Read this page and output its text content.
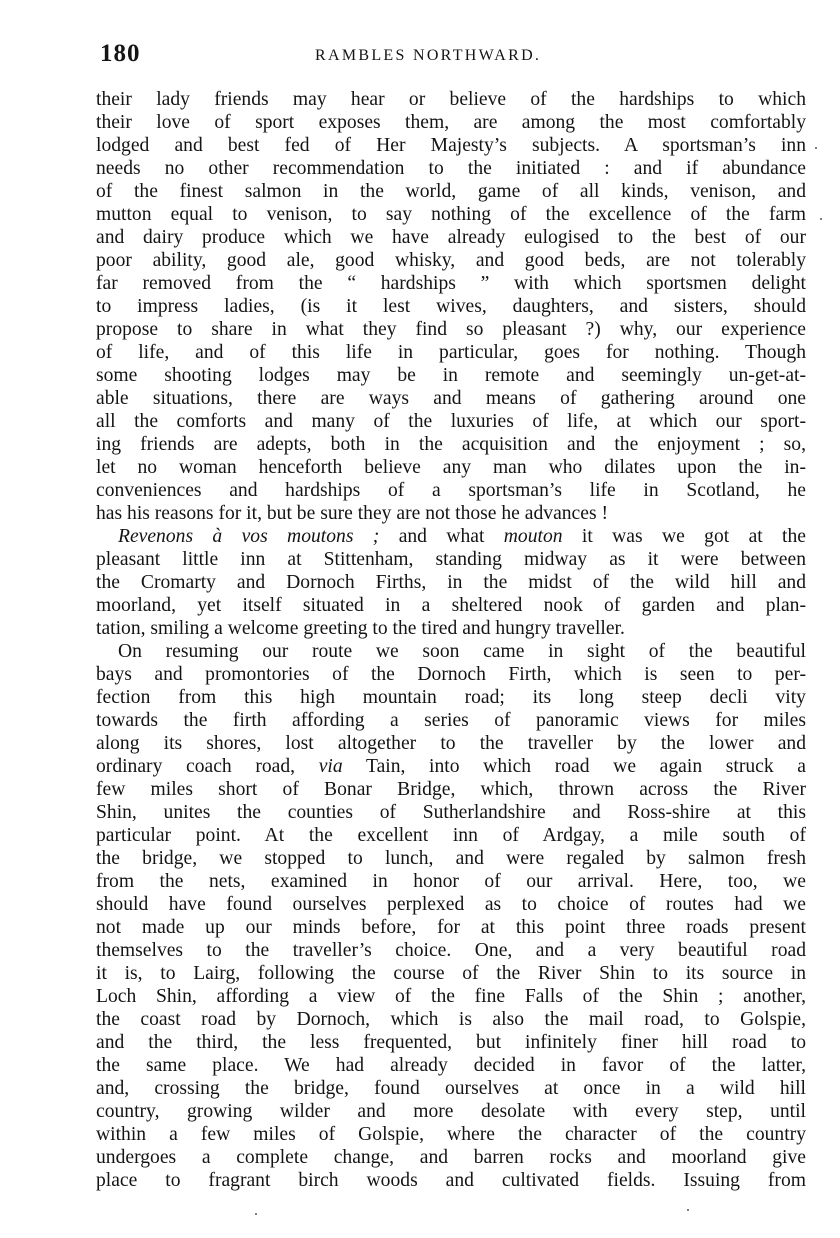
180	RAMBLES NORTHWARD.
their lady friends may hear or believe of the hardships to which
their love of sport exposes them, are among the most comfortably
lodged and best fed of Her Majesty’s subjects. A sportsman’s inn
needs no other recommendation to the initiated : and if abundance
of the finest salmon in the world, game of all kinds, venison, and
mutton equal to venison, to say nothing of the excellence of the farm
and dairy produce which we have already eulogised to the best of our
poor ability, good ale, good whisky, and good beds, are not tolerably
far removed from the “ hardships ” with which sportsmen delight
to impress ladies, (is it lest wives, daughters, and sisters, should
propose to share in what they find so pleasant ?) why, our experience
of life, and of this life in particular, goes for nothing. Though
some shooting lodges may be in remote and seemingly un-get-at-
able situations, there are ways and means of gathering around one
all the comforts and many of the luxuries of life, at which our sport-
ing friends are adepts, both in the acquisition and the enjoyment ; so,
let no woman henceforth believe any man who dilates upon the in-
conveniences and hardships of a sportsman’s life in Scotland, he
has his reasons for it, but be sure they are not those he advances !
Revenons à vos moutons ; and what mouton it was we got at the
pleasant little inn at Stittenham, standing midway as it were between
the Cromarty and Dornoch Firths, in the midst of the wild hill and
moorland, yet itself situated in a sheltered nook of garden and plan-
tation, smiling a welcome greeting to the tired and hungry traveller.
On resuming our route we soon came in sight of the beautiful
bays and promontories of the Dornoch Firth, which is seen to per-
fection from this high mountain road; its long steep decli vity
towards the firth affording a series of panoramic views for miles
along its shores, lost altogether to the traveller by the lower and
ordinary coach road, via Tain, into which road we again struck a
few miles short of Bonar Bridge, which, thrown across the River
Shin, unites the counties of Sutherlandshire and Ross-shire at this
particular point. At the excellent inn of Ardgay, a mile south of
the bridge, we stopped to lunch, and were regaled by salmon fresh
from the nets, examined in honor of our arrival. Here, too, we
should have found ourselves perplexed as to choice of routes had we
not made up our minds before, for at this point three roads present
themselves to the traveller’s choice. One, and a very beautiful road
it is, to Lairg, following the course of the River Shin to its source in
Loch Shin, affording a view of the fine Falls of the Shin ; another,
the coast road by Dornoch, which is also the mail road, to Golspie,
and the third, the less frequented, but infinitely finer hill road to
the same place. We had already decided in favor of the latter,
and, crossing the bridge, found ourselves at once in a wild hill
country, growing wilder and more desolate with every step, until
within a few miles of Golspie, where the character of the country
undergoes a complete change, and barren rocks and moorland give
place to fragrant birch woods and cultivated fields. Issuing from
